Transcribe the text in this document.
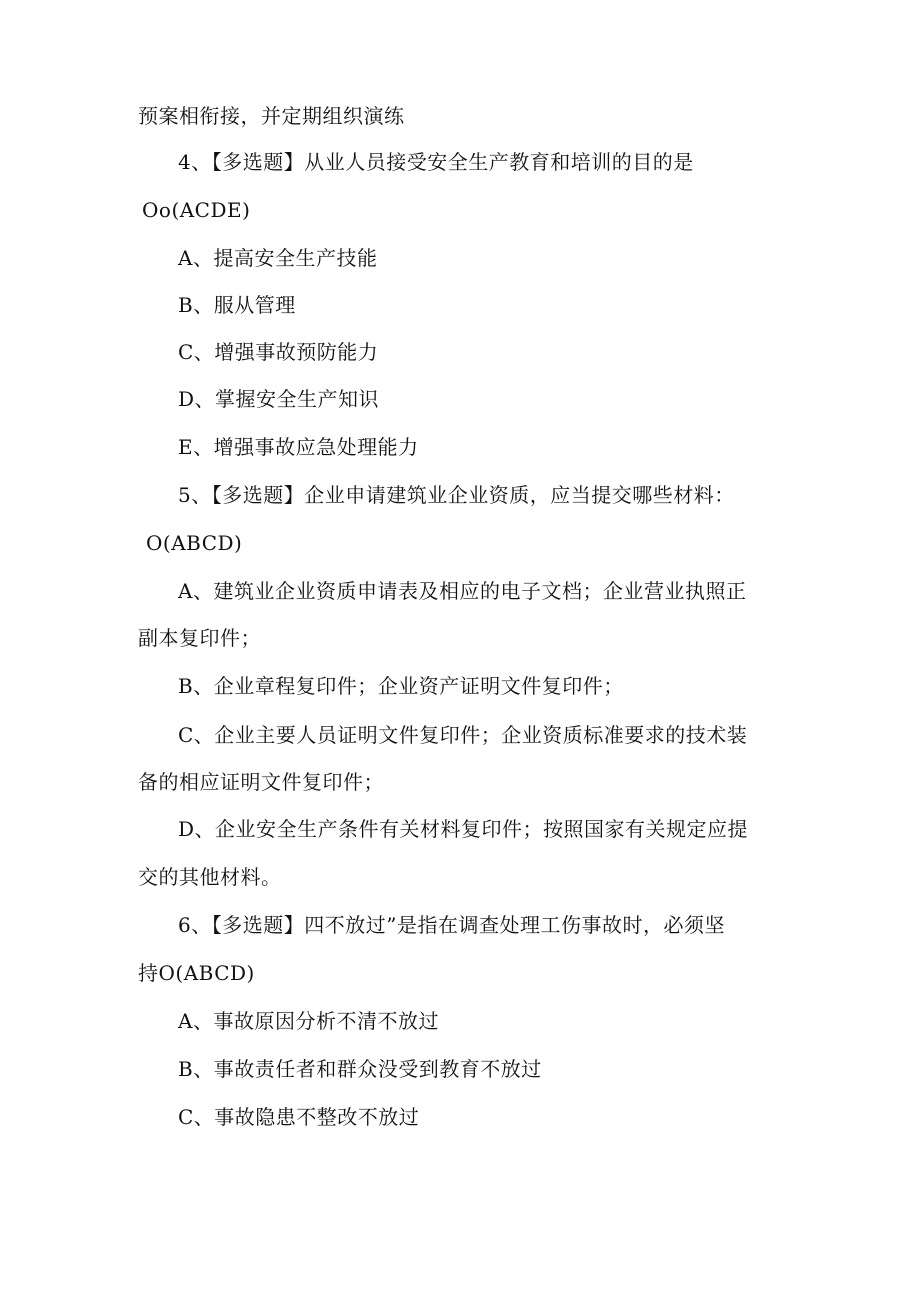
预案相衔接，并定期组织演练
4、【多选题】从业人员接受安全生产教育和培训的目的是
Oo(ACDE)
A、提高安全生产技能
B、服从管理
C、增强事故预防能力
D、掌握安全生产知识
E、增强事故应急处理能力
5、【多选题】企业申请建筑业企业资质，应当提交哪些材料：
O(ABCD)
A、建筑业企业资质申请表及相应的电子文档；企业营业执照正
副本复印件；
B、企业章程复印件；企业资产证明文件复印件；
C、企业主要人员证明文件复印件；企业资质标准要求的技术装
备的相应证明文件复印件；
D、企业安全生产条件有关材料复印件；按照国家有关规定应提
交的其他材料。
6、【多选题】四不放过”是指在调查处理工伤事故时，必须坚
持O(ABCD)
A、事故原因分析不清不放过
B、事故责任者和群众没受到教育不放过
C、事故隐患不整改不放过
